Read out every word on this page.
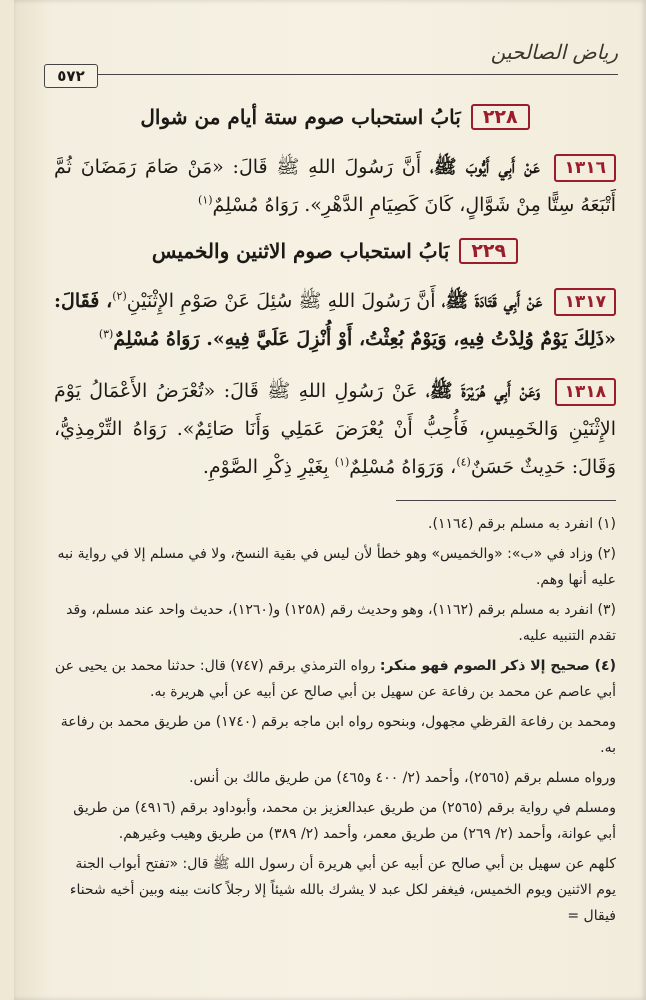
رياض الصالحين
٥٧٢
٢٢٨
بَابُ استحباب صوم ستة أيام من شوال
١٣١٦ عَنْ أَبِي أَيُّوبَ ﷺ، أَنَّ رَسُولَ اللهِ ﷺ قَالَ: «مَنْ صَامَ رَمَضَانَ ثُمَّ أَتْبَعَهُ سِتًّا مِنْ شَوَّالٍ، كَانَ كَصِيَامِ الدَّهْرِ». رَوَاهُ مُسْلِمٌ$^{(١)}$
٢٢٩
بَابُ استحباب صوم الاثنين والخميس
١٣١٧ عَنْ أَبِي قَتَادَةَ ﷺ، أَنَّ رَسُولَ اللهِ ﷺ سُئِلَ عَنْ صَوْمِ الإِثْنَيْنِ$^{(٢)}$، فَقَالَ: «ذَلِكَ يَوْمٌ وُلِدْتُ فِيهِ، وَيَوْمٌ بُعِثْتُ، أَوْ أُنْزِلَ عَلَيَّ فِيهِ». رَوَاهُ مُسْلِمٌ$^{(٣)}$
١٣١٨ وَعَنْ أَبِي هُرَيْرَةَ ﷺ، عَنْ رَسُولِ اللهِ ﷺ قَالَ: «تُعْرَضُ الأَعْمَالُ يَوْمَ الإِثْنَيْنِ وَالخَمِيسِ، فَأُحِبُّ أَنْ يُعْرَضَ عَمَلِي وَأَنَا صَائِمٌ». رَوَاهُ التِّرْمِذِيُّ، وَقَالَ: حَدِيثٌ حَسَنٌ$^{(٤)}$، وَرَوَاهُ مُسْلِمٌ$^{(١)}$ بِغَيْرِ ذِكْرِ الصَّوْمِ.

(١) انفرد به مسلم برقم (١١٦٤).

(٢) وزاد في «ب»: «والخميس» وهو خطأ لأن ليس في بقية النسخ، ولا في مسلم إلا في رواية نبه عليه أنها وهم.

(٣) انفرد به مسلم برقم (١١٦٢)، وهو وحديث رقم (١٢٥٨) و(١٢٦٠)، حديث واحد عند مسلم، وقد تقدم التنبيه عليه.

(٤) صحيح إلا ذكر الصوم فهو منكر: رواه الترمذي برقم (٧٤٧) قال: حدثنا محمد بن يحيى عن أبي عاصم عن محمد بن رفاعة عن سهيل بن أبي صالح عن أبيه عن أبي هريرة به.

ومحمد بن رفاعة القرظي مجهول، وبنحوه رواه ابن ماجه برقم (١٧٤٠) من طريق محمد بن رفاعة به.

ورواه مسلم برقم (٢٥٦٥)، وأحمد (٢/ ٤٠٠ و٤٦٥) من طريق مالك بن أنس.

ومسلم في رواية برقم (٢٥٦٥) من طريق عبدالعزيز بن محمد، وأبوداود برقم (٤٩١٦) من طريق أبي عوانة، وأحمد (٢/ ٢٦٩) من طريق معمر، وأحمد (٢/ ٣٨٩) من طريق وهيب وغيرهم.

كلهم عن سهيل بن أبي صالح عن أبيه عن أبي هريرة أن رسول الله ﷺ قال: «تفتح أبواب الجنة يوم الاثنين ويوم الخميس، فيغفر لكل عبد لا يشرك بالله شيئاً إلا رجلاً كانت بينه وبين أخيه شحناء فيقال =
